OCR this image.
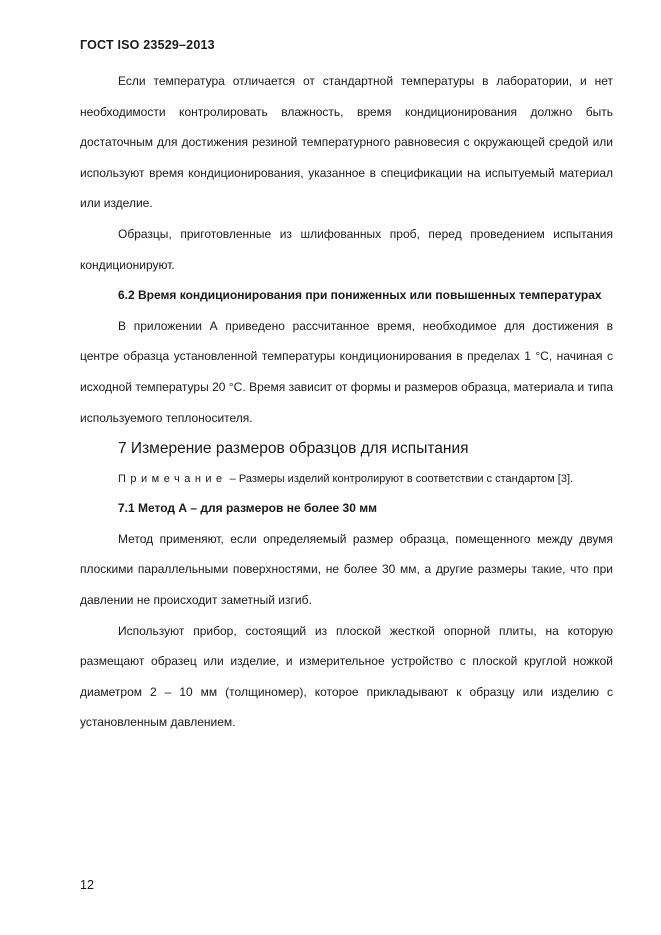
ГОСТ ISO 23529–2013

Если температура отличается от стандартной температуры в лаборатории, и нет необходимости контролировать влажность, время кондиционирования должно быть достаточным для достижения резиной температурного равновесия с окружающей средой или используют время кондиционирования, указанное в спецификации на испытуемый материал или изделие.

Образцы, приготовленные из шлифованных проб, перед проведением испытания кондиционируют.

6.2 Время кондиционирования при пониженных или повышенных температурах

В приложении А приведено рассчитанное время, необходимое для достижения в центре образца установленной температуры кондиционирования в пределах 1 °С, начиная с исходной температуры 20 °С. Время зависит от формы и размеров образца, материала и типа используемого теплоносителя.

7 Измерение размеров образцов для испытания

Примечание – Размеры изделий контролируют в соответствии с стандартом [3].

7.1 Метод А – для размеров не более 30 мм

Метод применяют, если определяемый размер образца, помещенного между двумя плоскими параллельными поверхностями, не более 30 мм, а другие размеры такие, что при давлении не происходит заметный изгиб.

Используют прибор, состоящий из плоской жесткой опорной плиты, на которую размещают образец или изделие, и измерительное устройство с плоской круглой ножкой диаметром 2 – 10 мм (толщиномер), которое прикладывают к образцу или изделию с установленным давлением.

12
